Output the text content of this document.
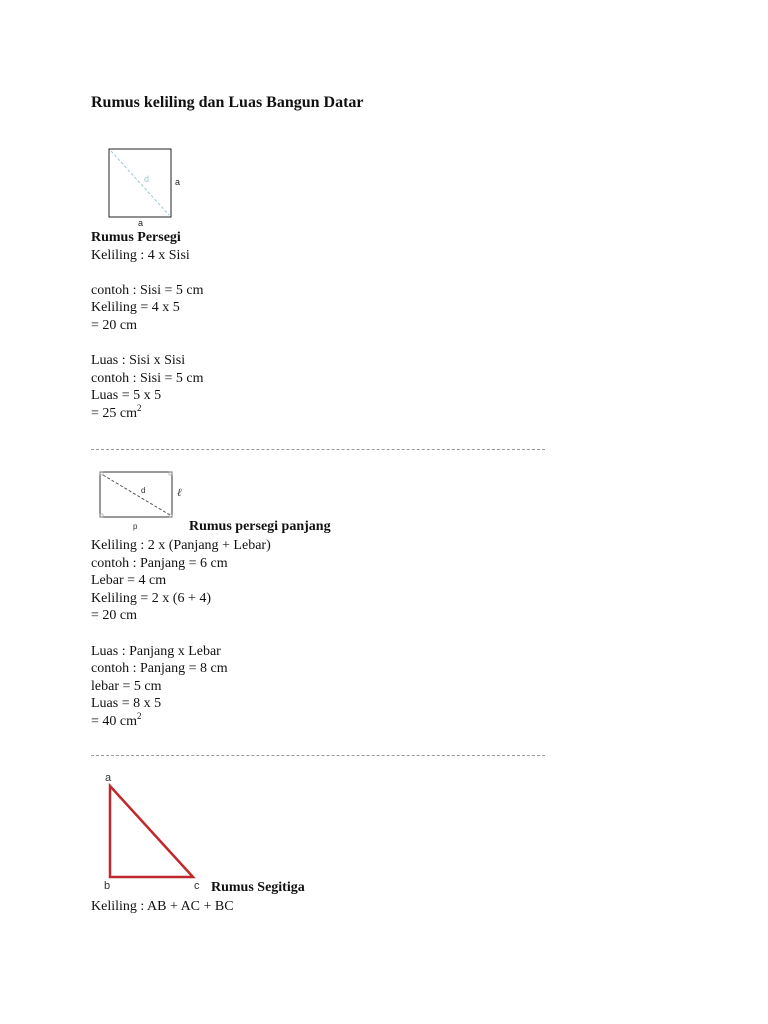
Rumus keliling dan Luas Bangun Datar
d	a
a
Rumus Persegi
Keliling : 4 x Sisi
contoh : Sisi = 5 cm
Keliling = 4 x 5
= 20 cm
Luas : Sisi x Sisi
contoh : Sisi = 5 cm
Luas = 5 x 5
= 25 $cm^2$
d	ℓ
p	Rumus persegi panjang
Keliling : 2 x (Panjang + Lebar)
contoh : Panjang = 6 cm
Lebar = 4 cm
Keliling = 2 x (6 + 4)
= 20 cm
Luas : Panjang x Lebar
contoh : Panjang = 8 cm
lebar = 5 cm
Luas = 8 x 5
= 40 $cm^2$
a
b	c Rumus Segitiga
Keliling : AB + AC + BC
